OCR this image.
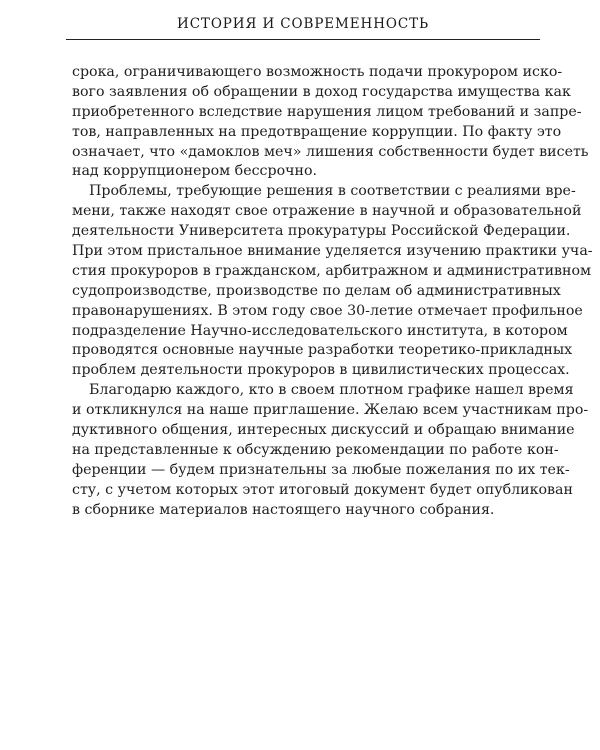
ИСТОРИЯ И СОВРЕМЕННОСТЬ
срока, ограничивающего возможность подачи прокурором иско-
вого заявления об обращении в доход государства имущества как
приобретенного вследствие нарушения лицом требований и запре-
тов, направленных на предотвращение коррупции. По факту это
означает, что «дамоклов меч» лишения собственности будет висеть
над коррупционером бессрочно.
Проблемы, требующие решения в соответствии с реалиями вре-
мени, также находят свое отражение в научной и образовательной
деятельности Университета прокуратуры Российской Федерации.
При этом пристальное внимание уделяется изучению практики уча-
стия прокуроров в гражданском, арбитражном и административном
судопроизводстве, производстве по делам об административных
правонарушениях. В этом году свое 30-летие отмечает профильное
подразделение Научно-исследовательского института, в котором
проводятся основные научные разработки теоретико-прикладных
проблем деятельности прокуроров в цивилистических процессах.
Благодарю каждого, кто в своем плотном графике нашел время
и откликнулся на наше приглашение. Желаю всем участникам про-
дуктивного общения, интересных дискуссий и обращаю внимание
на представленные к обсуждению рекомендации по работе кон-
ференции — будем признательны за любые пожелания по их тек-
сту, с учетом которых этот итоговый документ будет опубликован
в сборнике материалов настоящего научного собрания.
